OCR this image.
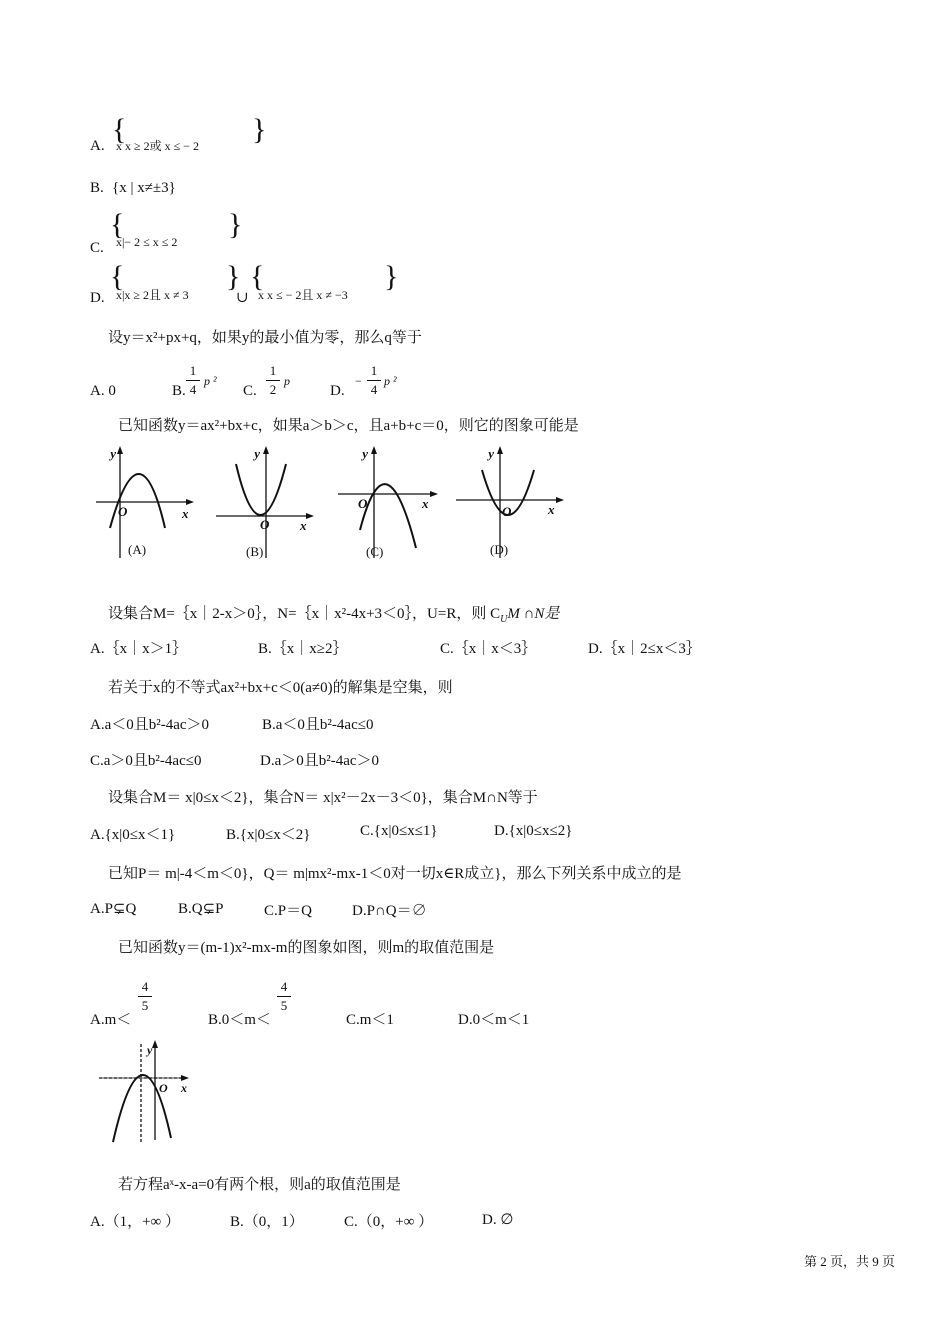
A. {
x x ≥ 2或 x ≤ − 2 }
B. {x | x≠±3}
C.
{
x|− 2 ≤ x ≤ 2
}
D.
{
x|x ≥ 2且 x ≠ 3
}
∪
{
x x ≤ − 2且 x ≠ −3
}
设y＝x²+px+q，如果y的最小值为零，那么q等于
A. 0	B.
1
4
p ²
C.
1
2
p
D.
−
1
4
p ²
已知函数y＝ax²+bx+c，如果a＞b＞c，且a+b+c＝0，则它的图象可能是
y
x
O
y
x
O
y
x
O
y
x
O
(A)	(B)	(C)	(D)
设集合M=｛x｜2-x＞0｝，N=｛x｜x²-4x+3＜0｝，U=R，则 $C_UM$ ∩N是
A.｛x｜x＞1｝	B.｛x｜x≥2｝	C.｛x｜x＜3｝	D.｛x｜2≤x＜3｝
若关于x的不等式ax²+bx+c＜0(a≠0)的解集是空集，则
A.a＜0且b²-4ac＞0	B.a＜0且b²-4ac≤0
C.a＞0且b²-4ac≤0	D.a＞0且b²-4ac＞0
设集合M＝ x|0≤x＜2}，集合N＝ x|x²－2x－3＜0}，集合M∩N等于
A.{x|0≤x＜1}	B.{x|0≤x＜2}	C.{x|0≤x≤1}	D.{x|0≤x≤2}
已知P＝ m|-4＜m＜0}，Q＝ m|mx²-mx-1＜0对一切x∈R成立}，那么下列关系中成立的是
A.P⊊Q	B.Q⊊P	C.P＝Q	D.P∩Q＝∅
已知函数y＝(m-1)x²-mx-m的图象如图，则m的取值范围是
A.m＜
4
5
B.0＜m＜
4
5
C.m＜1	D.0＜m＜1
y
x
O
若方程aˣ-x-a=0有两个根，则a的取值范围是
A.（1，+∞ ）	B.（0，1）	C.（0，+∞ ）	D. ∅
第 2 页，共 9 页
